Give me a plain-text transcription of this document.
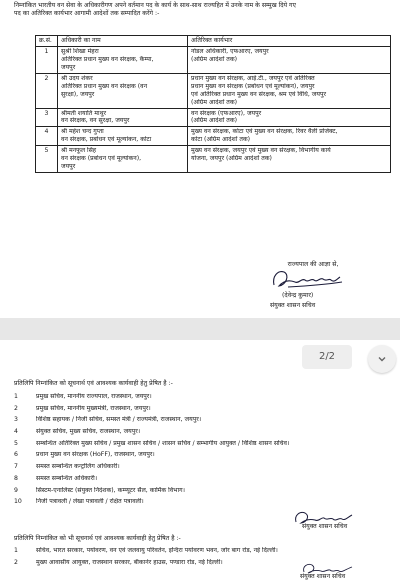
निम्नांकित भारतीय वन सेवा के अधिकारीगण अपने वर्तमान पद के कार्य के साथ-साथ राज्यहित में उनके नाम के सम्मुख दिये गए
पद का अतिरिक्त कार्यभार आगामी आदेशों तक सम्पादित करेंगे :-
क्र.सं.	अधिकारी का नाम	अतिरिक्त कार्यभार
1	सुश्री शिखा मेहरा
अतिरिक्त प्रधान मुख्य वन संरक्षक, कैम्पा,
जयपुर	नोडल अधिकारी, एफआरए, जयपुर
(अग्रिम आदेशों तक)

2	श्री उदय शंकर
अतिरिक्त प्रधान मुख्य वन संरक्षक (वन
सुरक्षा), जयपुर	प्रधान मुख्य वन संरक्षक, आई.टी., जयपुर एवं अतिरिक्त
प्रधान मुख्य वन संरक्षक (प्रबोधन एवं मूल्यांकन), जयपुर
एवं अतिरिक्त प्रधान मुख्य वन संरक्षक, श्रम एवं विधि, जयपुर
(अग्रिम आदेशों तक)

3	श्रीमती शयाति माथुर
वन संरक्षक, वन सुरक्षा, जयपुर	वन संरक्षक (एफआरए), जयपुर
(अग्रिम आदेशों तक)

4	श्री महेश चन्द गुप्ता
वन संरक्षक, प्रबोधन एवं मूल्यांकन, कोटा	मुख्य वन संरक्षक, कोटा एवं मुख्य वन संरक्षक, रिवर वैली प्रोजेक्ट,
कोटा (अग्रिम आदेशों तक)

5	श्री मनफूल सिंह
वन संरक्षक (प्रबोधन एवं मूल्यांकन),
जयपुर	मुख्य वन संरक्षक, जयपुर एवं मुख्य वन संरक्षक, विभागीय कार्य
योजना, जयपुर (अग्रिम आदेशों तक)
राज्यपाल की आज्ञा से,
(देवेन्द्र कुमार)
संयुक्त शासन सचिव
2/2
प्रतिलिपि निम्नांकित को सूचनार्थ एवं आवश्यक कार्यवाही हेतु प्रेषित है :-
1	प्रमुख सचिव, माननीय राज्यपाल, राजस्थान, जयपुर।
2	प्रमुख सचिव, माननीय मुख्यमंत्री, राजस्थान, जयपुर।
3	विशिष्ठ सहायक / निजी सचिव, समस्त मंत्री / राज्यमंत्री, राजस्थान, जयपुर।
4	संयुक्त सचिव, मुख्य सचिव, राजस्थान, जयपुर।
5	सम्बन्धित अतिरिक्त मुख्य सचिव / प्रमुख शासन सचिव / शासन सचिव / सम्भागीय आयुक्त / विशिष्ठ शासन सचिव।
6	प्रधान मुख्य वन संरक्षक (HoFF), राजस्थान, जयपुर।
7	समस्त सम्बन्धित कन्ट्रोलिंग अधिकारी।
8	समस्त सम्बन्धित अधिकारी।
9	सिस्टम-एनालिस्ट (संयुक्त निदेशक), कम्प्यूटर सैल, कार्मिक विभाग।
10	निजी पत्रावली / लेखा पत्रावली / रक्षित पत्रावली।
संयुक्त शासन सचिव
प्रतिलिपि निम्नांकित को भी सूचनार्थ एवं आवश्यक कार्यवाही हेतु प्रेषित है :-
1	सचिव, भारत सरकार, पर्यावरण, वन एवं जलवायु परिवर्तन, इन्दिरा पर्यावरण भवन, जोर बाग रोड, नई दिल्ली।
2	मुख्य आवासीय आयुक्त, राजस्थान सरकार, बीकानेर हाउस, पण्डारा रोड, नई दिल्ली।
संयुक्त शासन सचिव
